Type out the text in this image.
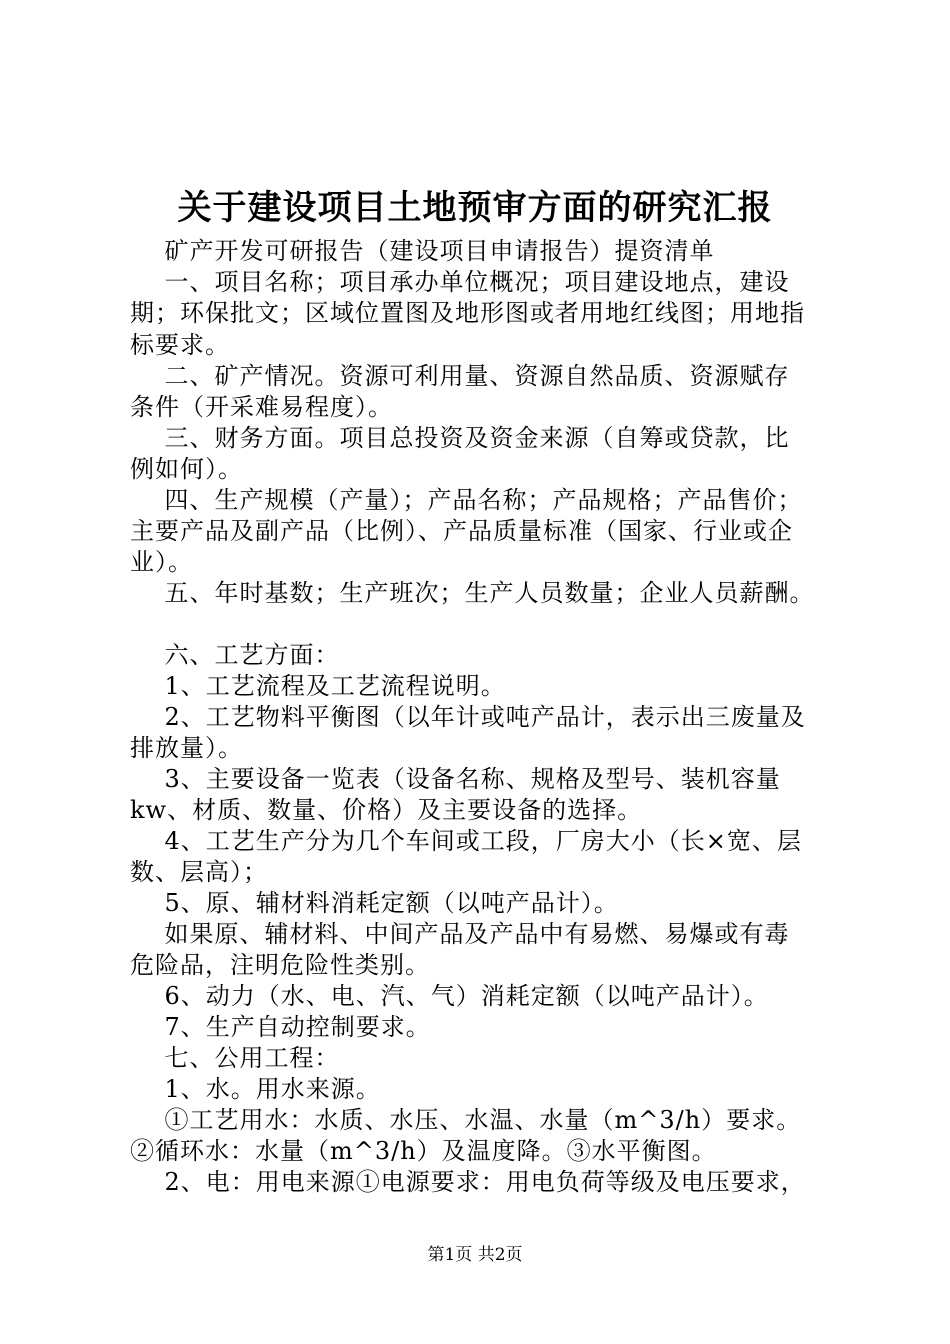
关于建设项目土地预审方面的研究汇报
矿产开发可研报告（建设项目申请报告）提资清单
一、项目名称；项目承办单位概况；项目建设地点，建设
期；环保批文；区域位置图及地形图或者用地红线图；用地指
标要求。
二、矿产情况。资源可利用量、资源自然品质、资源赋存
条件（开采难易程度）。
三、财务方面。项目总投资及资金来源（自筹或贷款，比
例如何）。
四、生产规模（产量）；产品名称；产品规格；产品售价；
主要产品及副产品（比例）、产品质量标准（国家、行业或企
业）。
五、年时基数；生产班次；生产人员数量；企业人员薪酬。
六、工艺方面：
1、工艺流程及工艺流程说明。
2、工艺物料平衡图（以年计或吨产品计，表示出三废量及
排放量）。
3、主要设备一览表（设备名称、规格及型号、装机容量
kw、材质、数量、价格）及主要设备的选择。
4、工艺生产分为几个车间或工段，厂房大小（长×宽、层
数、层高）；
5、原、辅材料消耗定额（以吨产品计）。
如果原、辅材料、中间产品及产品中有易燃、易爆或有毒
危险品，注明危险性类别。
6、动力（水、电、汽、气）消耗定额（以吨产品计）。
7、生产自动控制要求。
七、公用工程：
1、水。用水来源。
①工艺用水：水质、水压、水温、水量（m^3/h）要求。
②循环水：水量（m^3/h）及温度降。③水平衡图。
2、电：用电来源①电源要求：用电负荷等级及电压要求，
第1页 共2页
